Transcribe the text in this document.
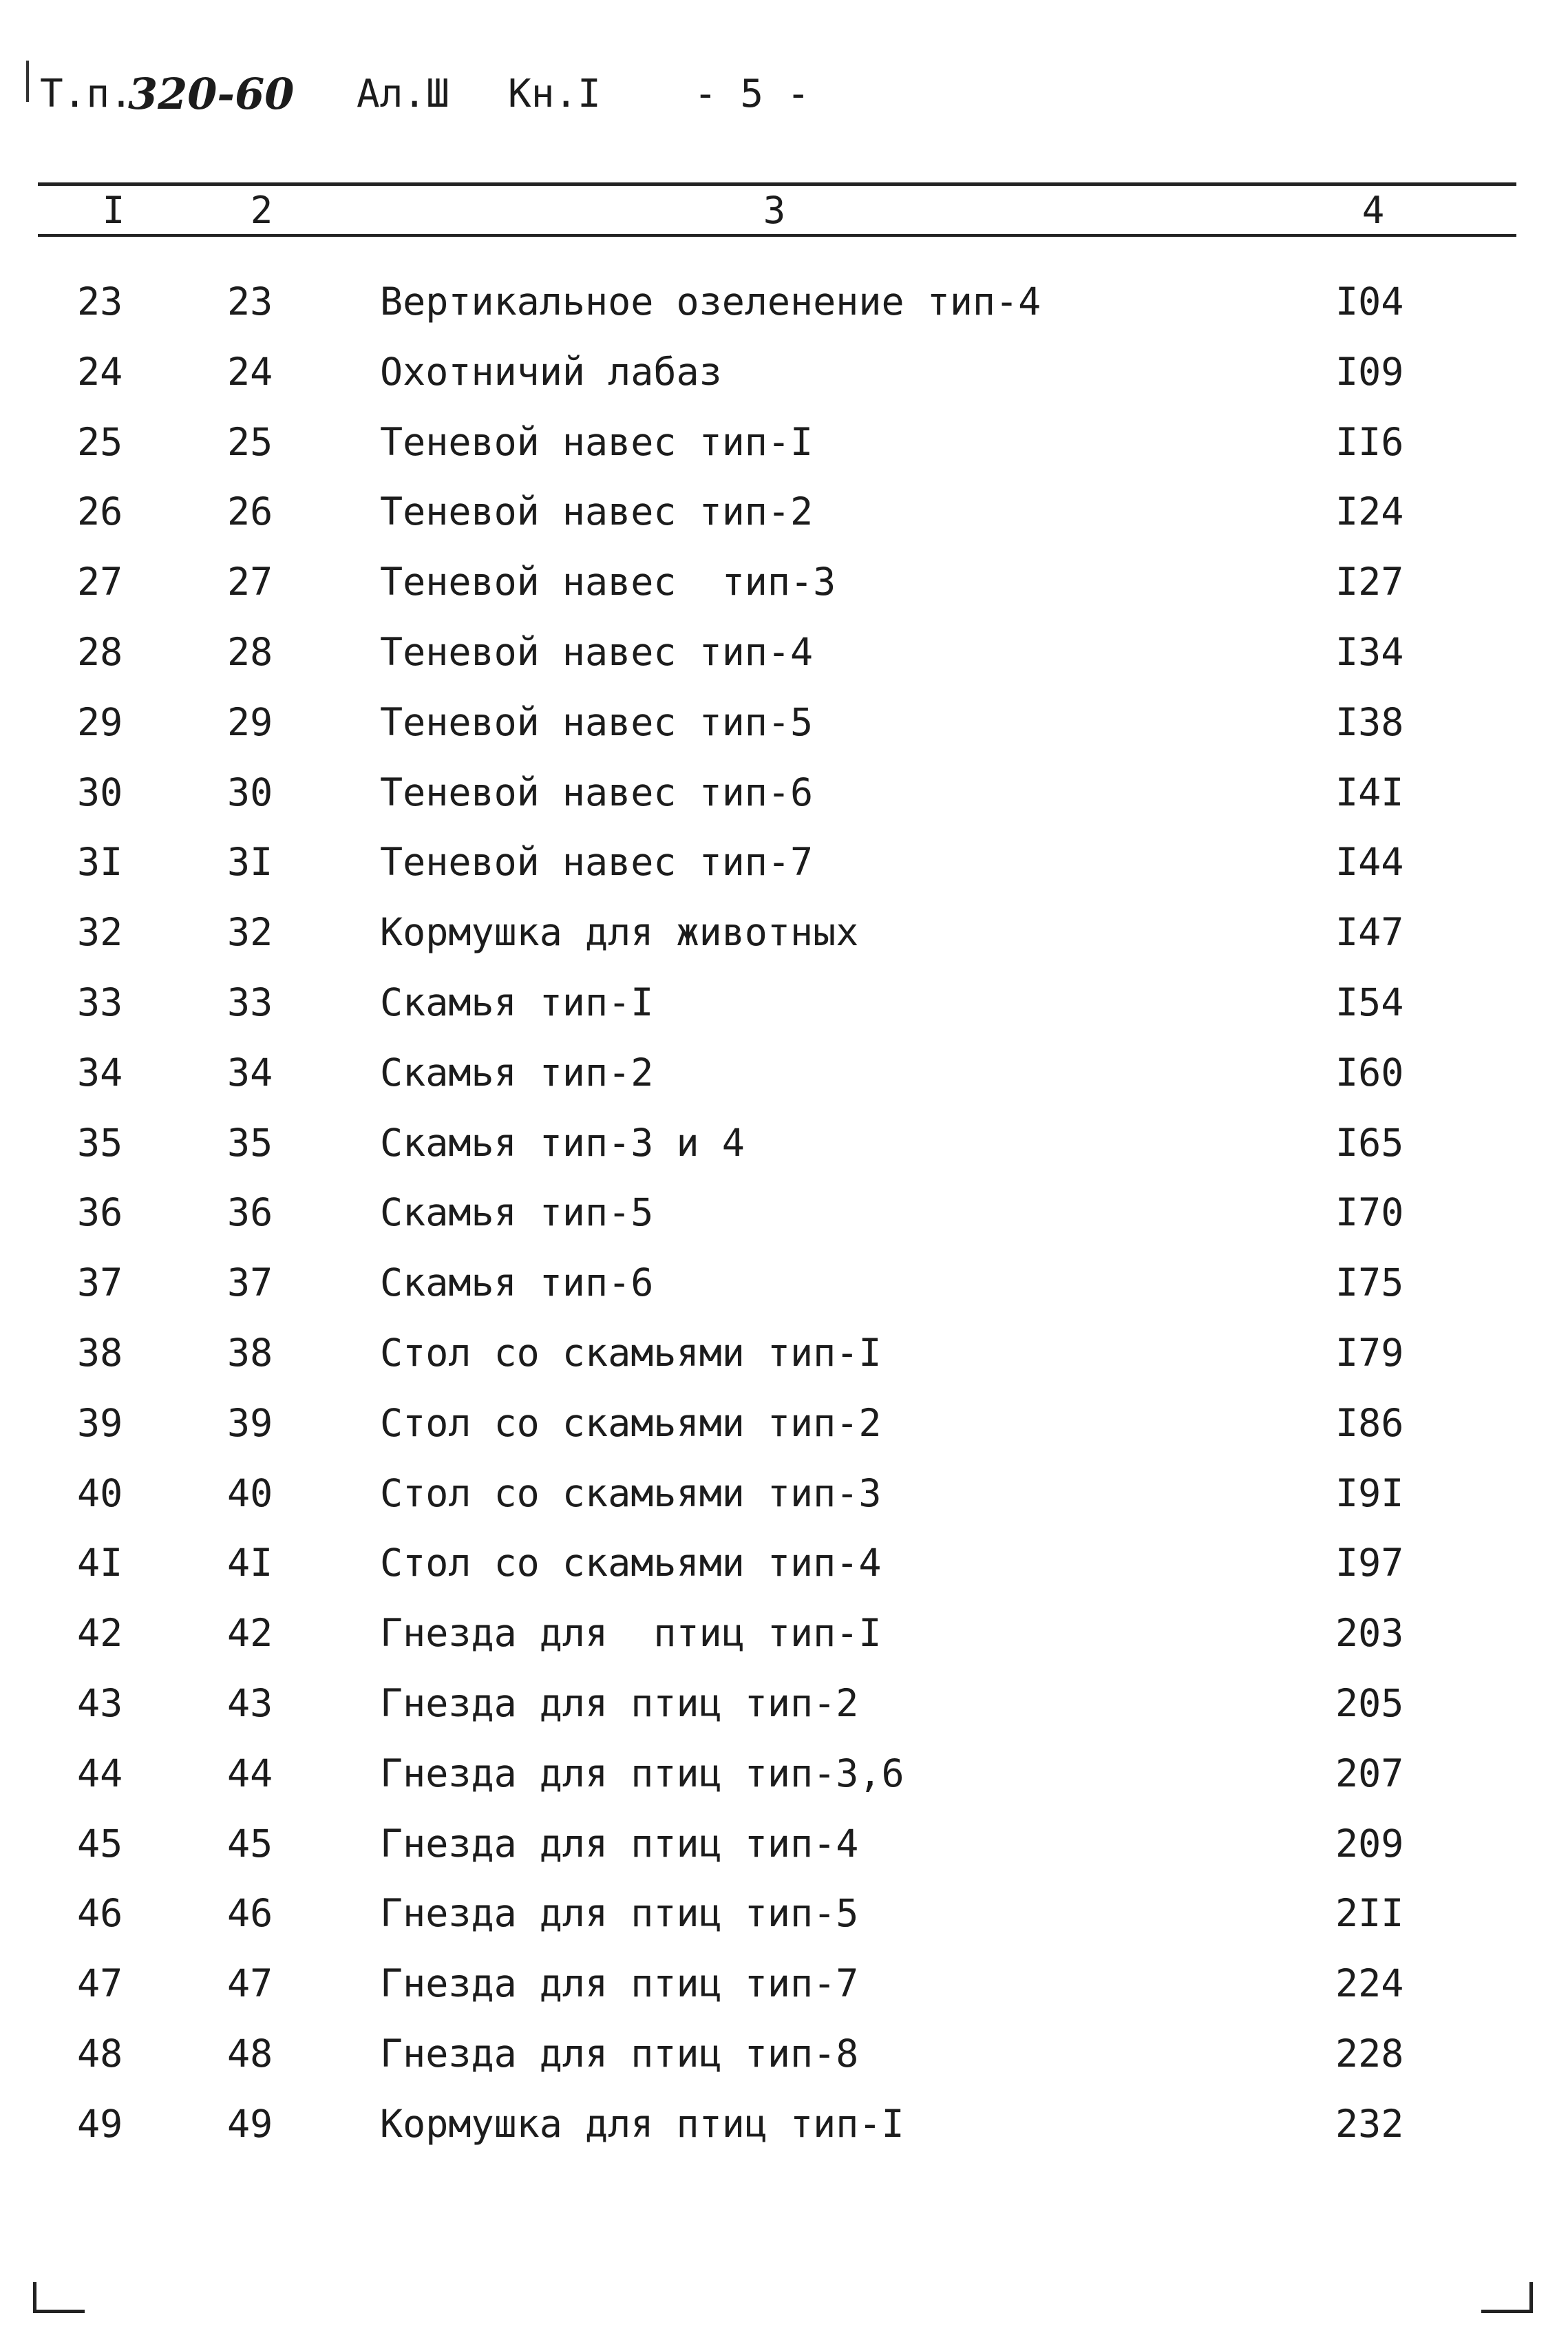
Т.п.
320-60 Ал.Ш Кн.I - 5 -
I	2	3	4
23	23	Вертикальное озеленение тип-4	I04
24	24	Охотничий лабаз	I09
25	25	Теневой навес тип-I	II6
26	26	Теневой навес тип-2	I24
27	27	Теневой навес  тип-3	I27
28	28	Теневой навес тип-4	I34
29	29	Теневой навес тип-5	I38
30	30	Теневой навес тип-6	I4I
3I	3I	Теневой навес тип-7	I44
32	32	Кормушка для животных	I47
33	33	Скамья тип-I	I54
34	34	Скамья тип-2	I60
35	35	Скамья тип-3 и 4	I65
36	36	Скамья тип-5	I70
37	37	Скамья тип-6	I75
38	38	Стол со скамьями тип-I	I79
39	39	Стол со скамьями тип-2	I86
40	40	Стол со скамьями тип-3	I9I
4I	4I	Стол со скамьями тип-4	I97
42	42	Гнезда для  птиц тип-I	203
43	43	Гнезда для птиц тип-2	205
44	44	Гнезда для птиц тип-3,6	207
45	45	Гнезда для птиц тип-4	209
46	46	Гнезда для птиц тип-5	2II
47	47	Гнезда для птиц тип-7	224
48	48	Гнезда для птиц тип-8	228
49	49	Кормушка для птиц тип-I	232
